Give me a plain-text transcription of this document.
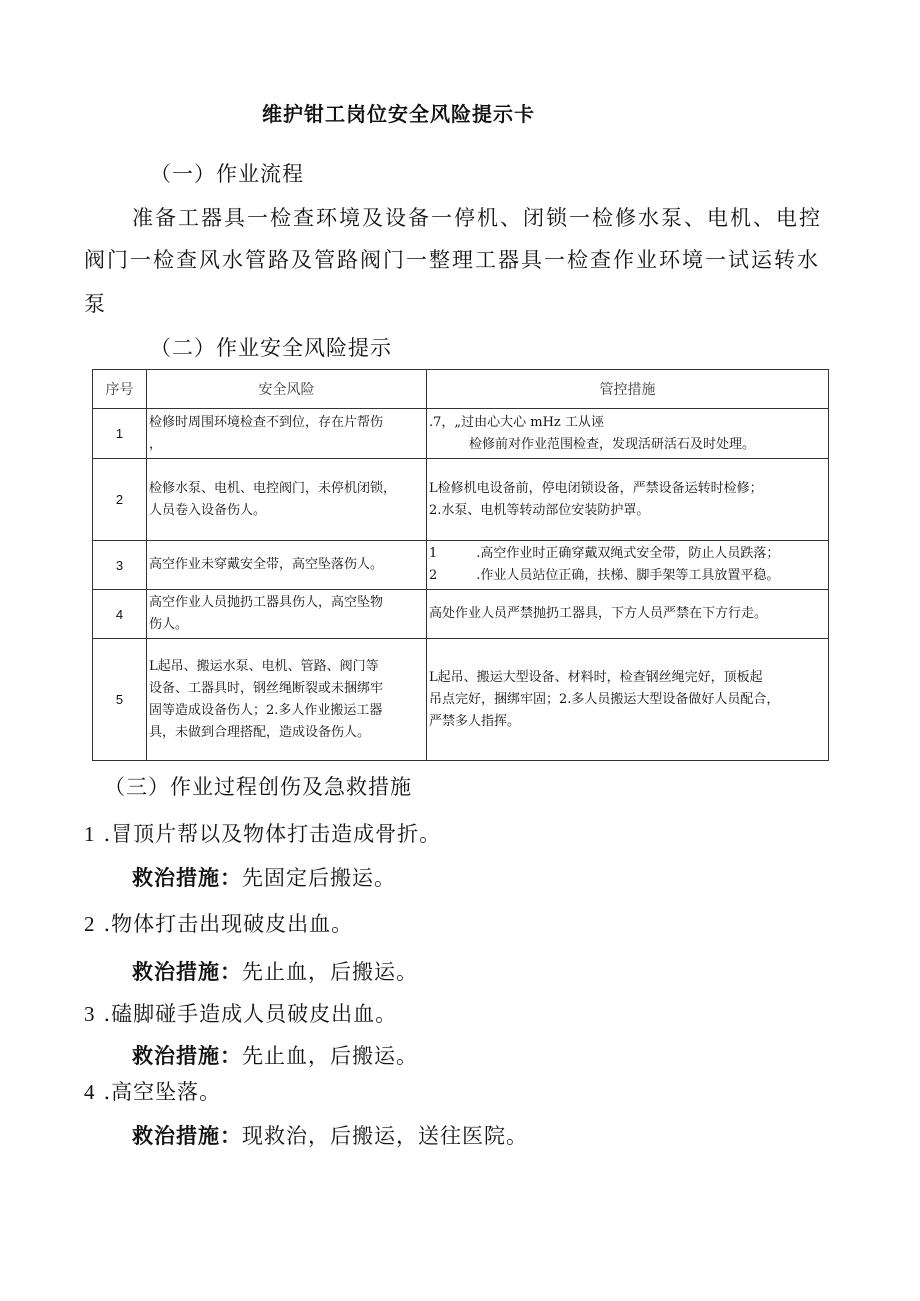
维护钳工岗位安全风险提示卡
（一）作业流程
准备工器具一检查环境及设备一停机、闭锁一检修水泵、电机、电控
阀门一检查风水管路及管路阀门一整理工器具一检查作业环境一试运转水
泵
（二）作业安全风险提示
序号	安全风险	管控措施
1	检修时周围环境检查不到位，存在片帮伤
，	.7，„过由心大心 mHz 工从诬
　　检修前对作业范围检查，发现活研活石及时处理。

2	检修水泵、电机、电控阀门，未停机闭锁，
人员卷入设备伤人。	L检修机电设备前，停电闭锁设备，严禁设备运转时检修；
2.水泵、电机等转动部位安装防护罩。

3	高空作业未穿戴安全带，高空坠落伤人。	1　　　.高空作业时正确穿戴双绳式安全带，防止人员跌落；
2　　　.作业人员站位正确，扶梯、脚手架等工具放置平稳。

4	高空作业人员抛扔工器具伤人，高空坠物
伤人。	高处作业人员严禁抛扔工器具，下方人员严禁在下方行走。

5	L起吊、搬运水泵、电机、管路、阀门等
设备、工器具时，钢丝绳断裂或未捆绑牢
固等造成设备伤人；2.多人作业搬运工器
具，未做到合理搭配，造成设备伤人。	L起吊、搬运大型设备、材料时，检查钢丝绳完好，顶板起
吊点完好，捆绑牢固；2.多人员搬运大型设备做好人员配合，
严禁多人指挥。
（三）作业过程创伤及急救措施
1 .冒顶片帮以及物体打击造成骨折。
救治措施：先固定后搬运。
2 .物体打击出现破皮出血。
救治措施：先止血，后搬运。
3 .磕脚碰手造成人员破皮出血。
救治措施：先止血，后搬运。
4 .高空坠落。
救治措施：现救治，后搬运，送往医院。
